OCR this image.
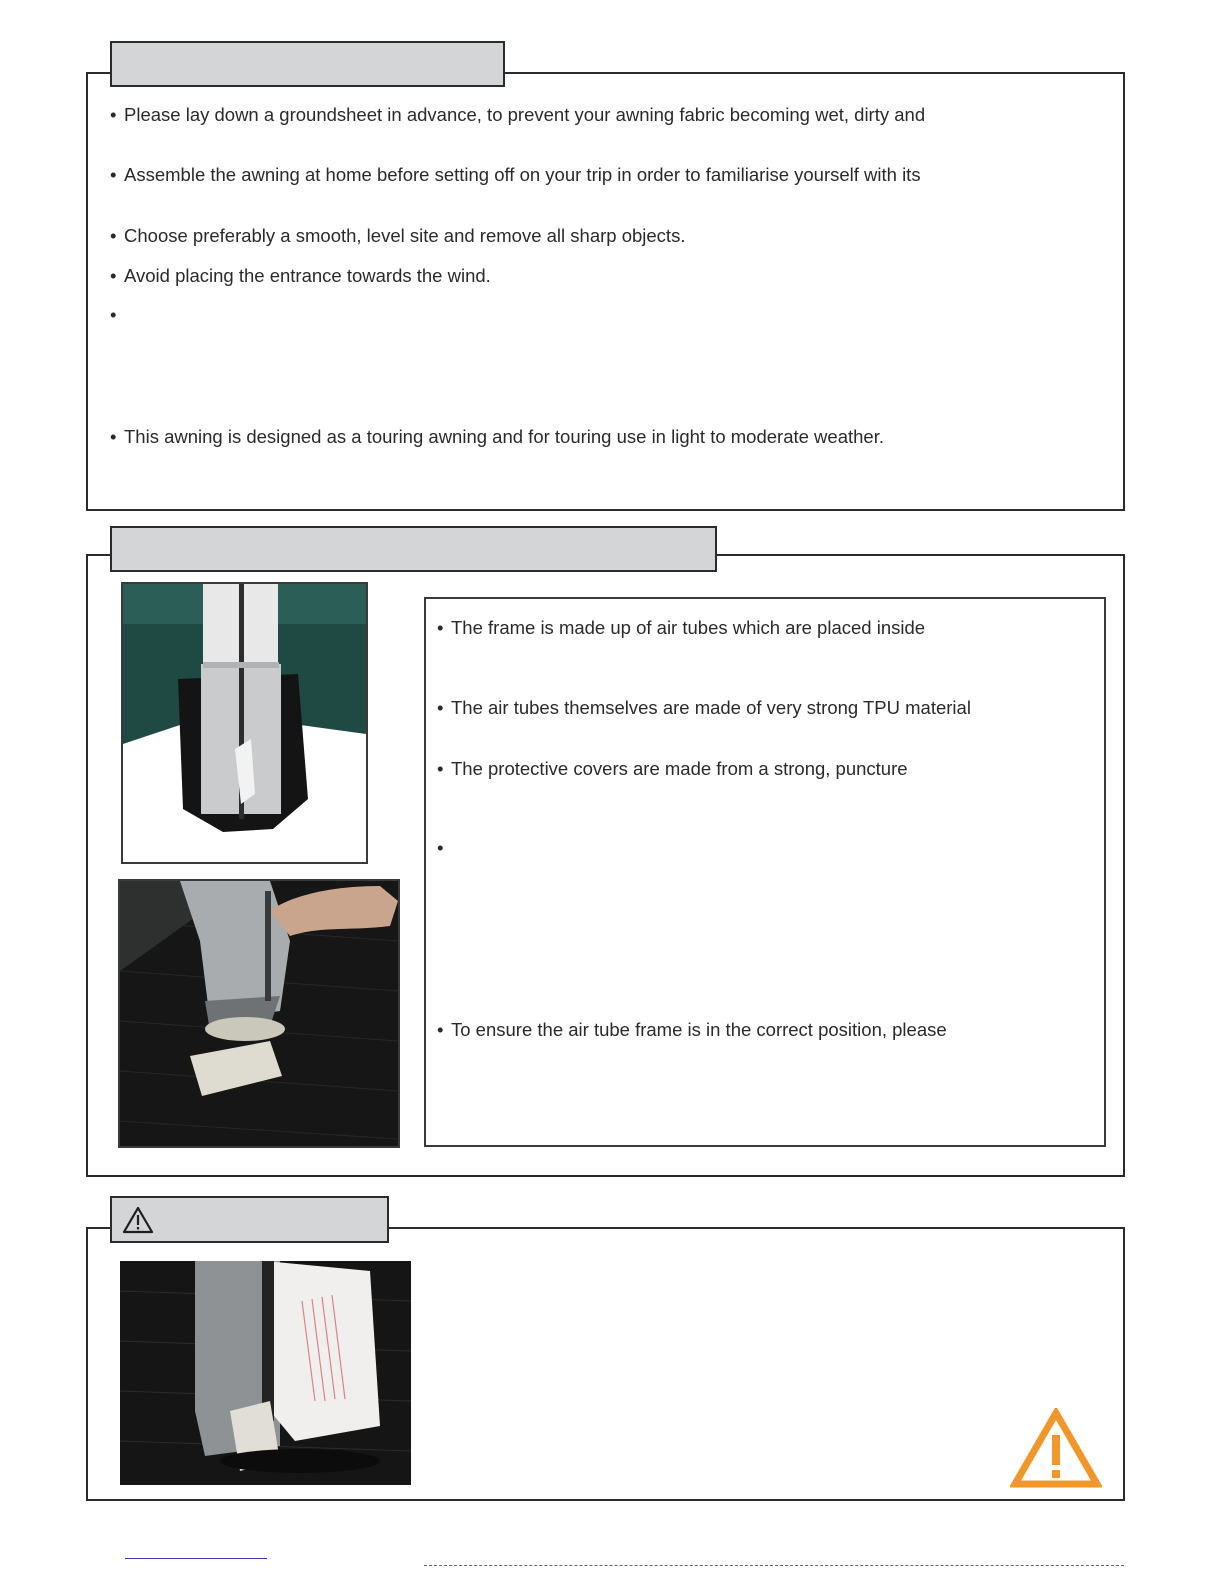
• Please lay down a groundsheet in advance, to prevent your awning fabric becoming wet, dirty and
• Assemble the awning at home before setting off on your trip in order to familiarise yourself with its
• Choose preferably a smooth, level site and remove all sharp objects.
• Avoid placing the entrance towards the wind.
•
• This awning is designed as a touring awning and for touring use in light to moderate weather.
• The frame is made up of air tubes which are placed inside
• The air tubes themselves are made of very strong TPU material
• The protective covers are made from a strong, puncture
•
• To ensure the air tube frame is in the correct position, please
